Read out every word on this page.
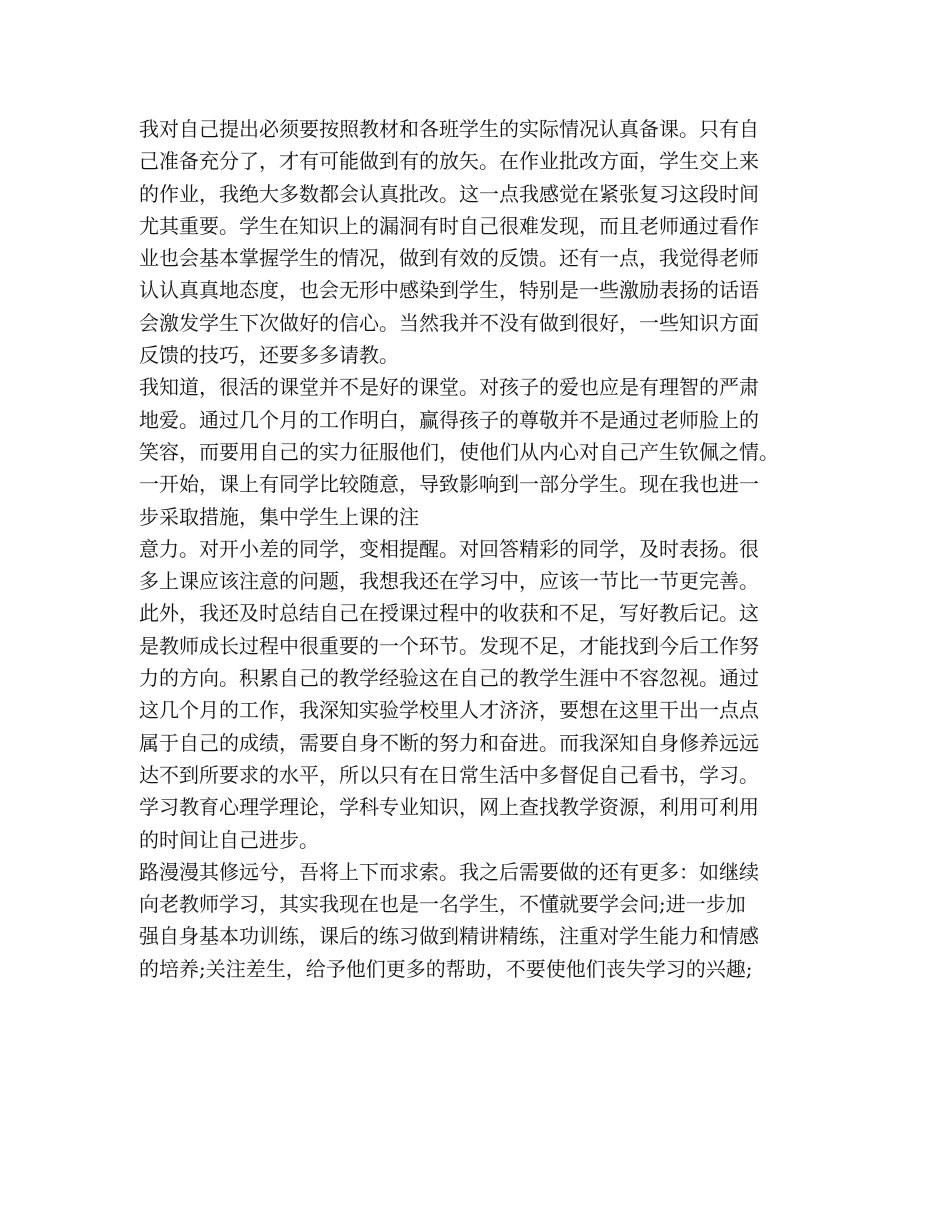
我对自己提出必须要按照教材和各班学生的实际情况认真备课。只有自
己准备充分了，才有可能做到有的放矢。在作业批改方面，学生交上来
的作业，我绝大多数都会认真批改。这一点我感觉在紧张复习这段时间
尤其重要。学生在知识上的漏洞有时自己很难发现，而且老师通过看作
业也会基本掌握学生的情况，做到有效的反馈。还有一点，我觉得老师
认认真真地态度，也会无形中感染到学生，特别是一些激励表扬的话语
会激发学生下次做好的信心。当然我并不没有做到很好，一些知识方面
反馈的技巧，还要多多请教。
我知道，很活的课堂并不是好的课堂。对孩子的爱也应是有理智的严肃
地爱。通过几个月的工作明白，赢得孩子的尊敬并不是通过老师脸上的
笑容，而要用自己的实力征服他们，使他们从内心对自己产生钦佩之情。
一开始，课上有同学比较随意，导致影响到一部分学生。现在我也进一
步采取措施，集中学生上课的注
意力。对开小差的同学，变相提醒。对回答精彩的同学，及时表扬。很
多上课应该注意的问题，我想我还在学习中，应该一节比一节更完善。
此外，我还及时总结自己在授课过程中的收获和不足，写好教后记。这
是教师成长过程中很重要的一个环节。发现不足，才能找到今后工作努
力的方向。积累自己的教学经验这在自己的教学生涯中不容忽视。通过
这几个月的工作，我深知实验学校里人才济济，要想在这里干出一点点
属于自己的成绩，需要自身不断的努力和奋进。而我深知自身修养远远
达不到所要求的水平，所以只有在日常生活中多督促自己看书，学习。
学习教育心理学理论，学科专业知识，网上查找教学资源，利用可利用
的时间让自己进步。
路漫漫其修远兮，吾将上下而求索。我之后需要做的还有更多：如继续
向老教师学习，其实我现在也是一名学生，不懂就要学会问;进一步加
强自身基本功训练，课后的练习做到精讲精练，注重对学生能力和情感
的培养;关注差生，给予他们更多的帮助，不要使他们丧失学习的兴趣;
